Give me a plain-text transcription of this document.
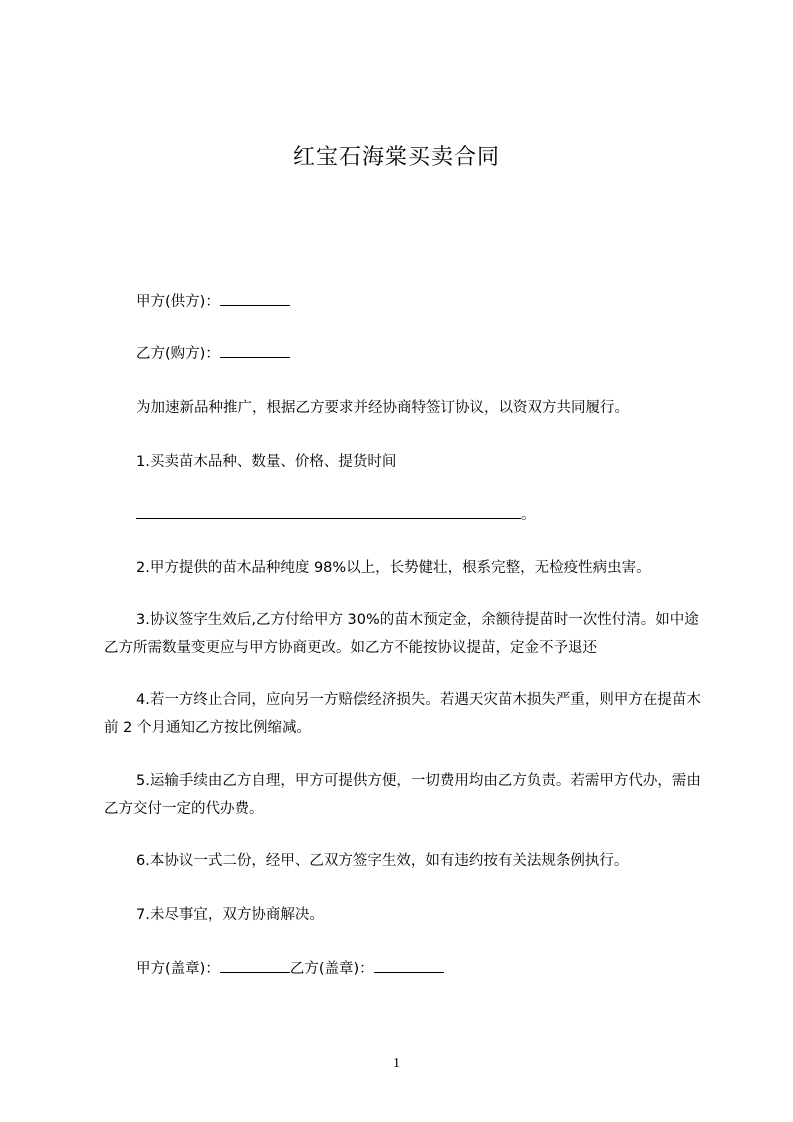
红宝石海棠买卖合同
甲方(供方)：
乙方(购方)：
为加速新品种推广，根据乙方要求并经协商特签订协议，以资双方共同履行。
1.买卖苗木品种、数量、价格、提货时间
。
2.甲方提供的苗木品种纯度 98%以上，长势健壮，根系完整，无检疫性病虫害。
3.协议签字生效后,乙方付给甲方 30%的苗木预定金，余额待提苗时一次性付清。如中途乙方所需数量变更应与甲方协商更改。如乙方不能按协议提苗，定金不予退还
4.若一方终止合同，应向另一方赔偿经济损失。若遇天灾苗木损失严重，则甲方在提苗木前 2 个月通知乙方按比例缩减。
5.运输手续由乙方自理，甲方可提供方便，一切费用均由乙方负责。若需甲方代办，需由乙方交付一定的代办费。
6.本协议一式二份，经甲、乙双方签字生效，如有违约按有关法规条例执行。
7.未尽事宜，双方协商解决。
甲方(盖章)：	乙方(盖章)：
1
